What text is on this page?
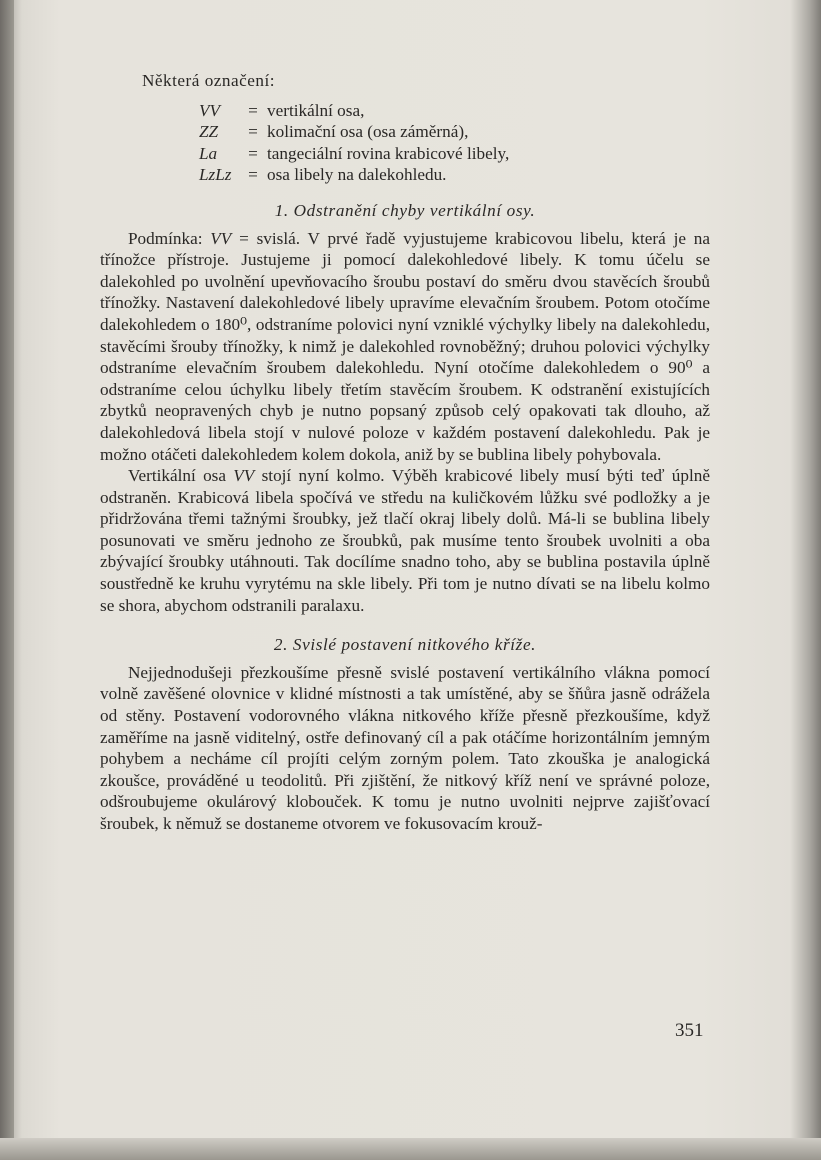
Některá označení:
VV	= vertikální osa,
ZZ	= kolimační osa (osa záměrná),
La	= tangeciální rovina krabicové libely,
LzLz = osa libely na dalekohledu.
1. Odstranění chyby vertikální osy.

Podmínka: VV = svislá. V prvé řadě vyjustujeme krabicovou libelu, která je na třínožce přístroje. Justujeme ji pomocí dalekohledové libely. K tomu účelu se dalekohled po uvolnění upevňovacího šroubu postaví do směru dvou stavěcích šroubů třínožky. Nastavení dalekohledové libely upravíme elevačním šroubem. Potom otočíme dalekohledem o 180⁰, odstraníme polovici nyní vzniklé výchylky libely na dalekohledu, stavěcími šrouby třínožky, k nimž je dalekohled rovnoběžný; druhou polovici výchylky odstraníme elevačním šroubem dalekohledu. Nyní otočíme dalekohledem o 90⁰ a odstraníme celou úchylku libely třetím stavěcím šroubem. K odstranění existujících zbytků neopravených chyb je nutno popsaný způsob celý opakovati tak dlouho, až dalekohledová libela stojí v nulové poloze v každém postavení dalekohledu. Pak je možno otáčeti dalekohledem kolem dokola, aniž by se bublina libely pohybovala.

Vertikální osa VV stojí nyní kolmo. Výběh krabicové libely musí býti teď úplně odstraněn. Krabicová libela spočívá ve středu na kuličkovém lůžku své podložky a je přidržována třemi tažnými šroubky, jež tlačí okraj libely dolů. Má-li se bublina libely posunovati ve směru jednoho ze šroubků, pak musíme tento šroubek uvolniti a oba zbývající šroubky utáhnouti. Tak docílíme snadno toho, aby se bublina postavila úplně soustředně ke kruhu vyrytému na skle libely. Při tom je nutno dívati se na libelu kolmo se shora, abychom odstranili paralaxu.

2. Svislé postavení nitkového kříže.

Nejjednodušeji přezkoušíme přesně svislé postavení vertikálního vlákna pomocí volně zavěšené olovnice v klidné místnosti a tak umístěné, aby se šňůra jasně odrážela od stěny. Postavení vodorovného vlákna nitkového kříže přesně přezkoušíme, když zaměříme na jasně viditelný, ostře definovaný cíl a pak otáčíme horizontálním jemným pohybem a necháme cíl projíti celým zorným polem. Tato zkouška je analogická zkoušce, prováděné u teodolitů. Při zjištění, že nitkový kříž není ve správné poloze, odšroubujeme okulárový klobouček. K tomu je nutno uvolniti nejprve zajišťovací šroubek, k němuž se dostaneme otvorem ve fokusovacím krouž-

351
